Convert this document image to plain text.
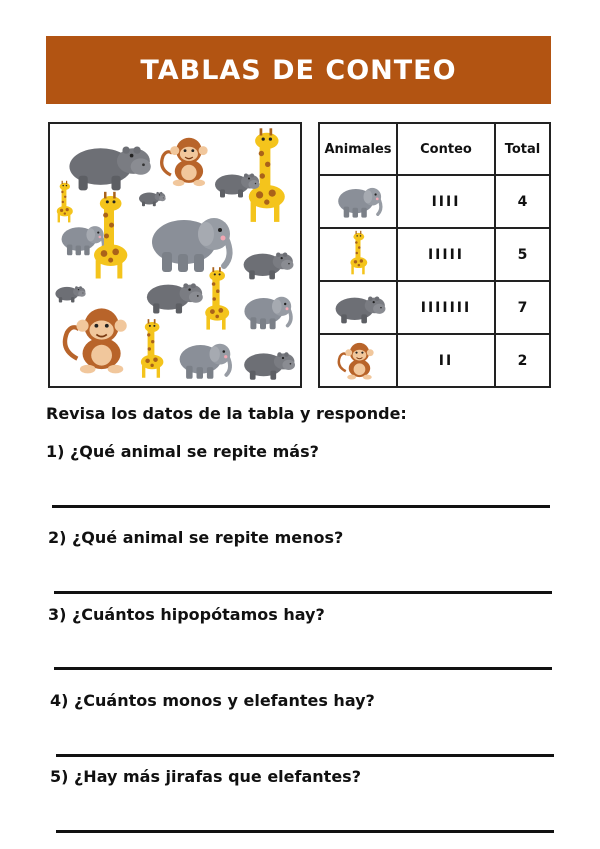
TABLAS DE CONTEO
Animales	Conteo	Total
	IIII	4
	IIIII	5
	IIIIIII	7
	II	2
Revisa los datos de la tabla y responde:
1) ¿Qué animal se repite más?
2) ¿Qué animal se repite menos?
3) ¿Cuántos hipopótamos hay?
4) ¿Cuántos monos y elefantes hay?
5) ¿Hay más jirafas que elefantes?
